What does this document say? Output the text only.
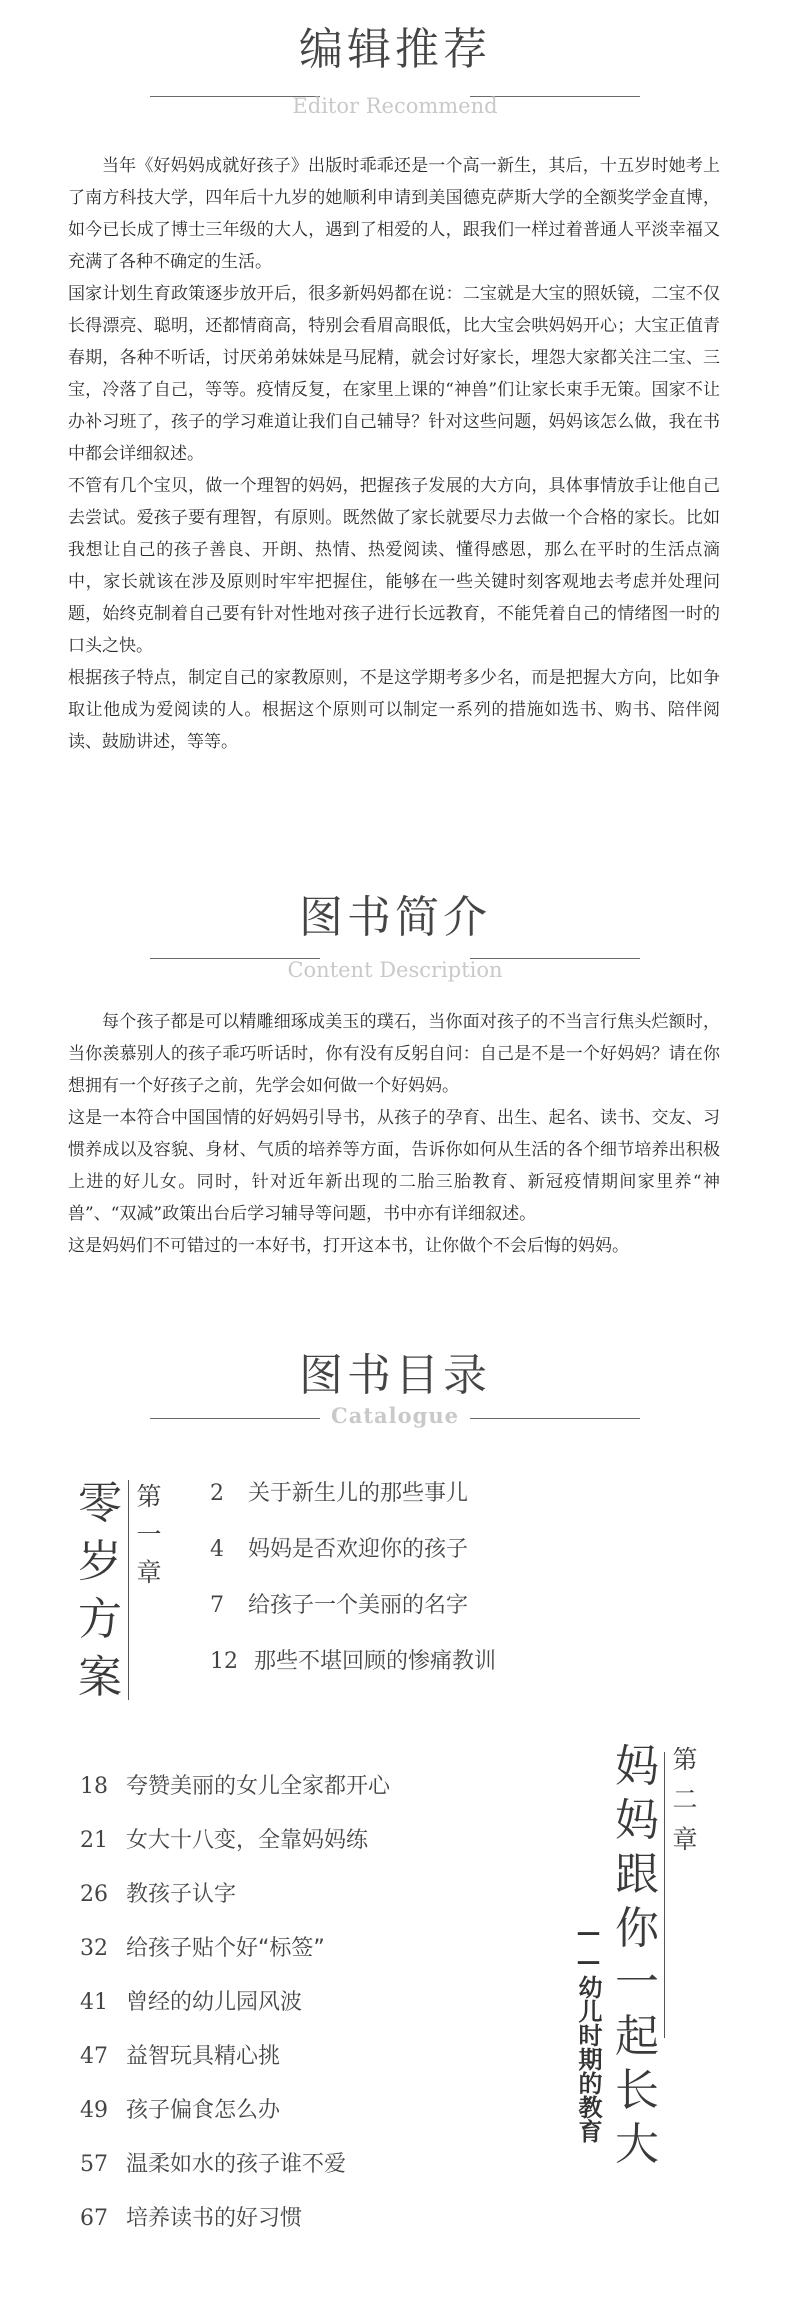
编辑推荐
Editor Recommend

当年《好妈妈成就好孩子》出版时乖乖还是一个高一新生，其后，十五岁时她考上了南方科技大学，四年后十九岁的她顺利申请到美国德克萨斯大学的全额奖学金直博，如今已长成了博士三年级的大人，遇到了相爱的人，跟我们一样过着普通人平淡幸福又充满了各种不确定的生活。

国家计划生育政策逐步放开后，很多新妈妈都在说：二宝就是大宝的照妖镜，二宝不仅长得漂亮、聪明，还都情商高，特别会看眉高眼低，比大宝会哄妈妈开心；大宝正值青春期，各种不听话，讨厌弟弟妹妹是马屁精，就会讨好家长，埋怨大家都关注二宝、三宝，冷落了自己，等等。疫情反复，在家里上课的“神兽”们让家长束手无策。国家不让办补习班了，孩子的学习难道让我们自己辅导？针对这些问题，妈妈该怎么做，我在书中都会详细叙述。

不管有几个宝贝，做一个理智的妈妈，把握孩子发展的大方向，具体事情放手让他自己去尝试。爱孩子要有理智，有原则。既然做了家长就要尽力去做一个合格的家长。比如我想让自己的孩子善良、开朗、热情、热爱阅读、懂得感恩，那么在平时的生活点滴中，家长就该在涉及原则时牢牢把握住，能够在一些关键时刻客观地去考虑并处理问题，始终克制着自己要有针对性地对孩子进行长远教育，不能凭着自己的情绪图一时的口头之快。

根据孩子特点，制定自己的家教原则，不是这学期考多少名，而是把握大方向，比如争取让他成为爱阅读的人。根据这个原则可以制定一系列的措施如选书、购书、陪伴阅读、鼓励讲述，等等。

图书简介
Content Description

每个孩子都是可以精雕细琢成美玉的璞石，当你面对孩子的不当言行焦头烂额时，当你羡慕别人的孩子乖巧听话时，你有没有反躬自问：自己是不是一个好妈妈？请在你想拥有一个好孩子之前，先学会如何做一个好妈妈。

这是一本符合中国国情的好妈妈引导书，从孩子的孕育、出生、起名、读书、交友、习惯养成以及容貌、身材、气质的培养等方面，告诉你如何从生活的各个细节培养出积极上进的好儿女。同时，针对近年新出现的二胎三胎教育、新冠疫情期间家里养“神兽”、“双减”政策出台后学习辅导等问题，书中亦有详细叙述。

这是妈妈们不可错过的一本好书，打开这本书，让你做个不会后悔的妈妈。

图书目录
Catalogue
零岁方案
第一章
2 关于新生儿的那些事儿
4 妈妈是否欢迎你的孩子
7 给孩子一个美丽的名字
12 那些不堪回顾的惨痛教训
18 夸赞美丽的女儿全家都开心
21 女大十八变，全靠妈妈练
26 教孩子认字
32 给孩子贴个好“标签”
41 曾经的幼儿园风波
47 益智玩具精心挑
49 孩子偏食怎么办
57 温柔如水的孩子谁不爱
67 培养读书的好习惯
妈妈跟你一起长大
——幼儿时期的教育
第二章
